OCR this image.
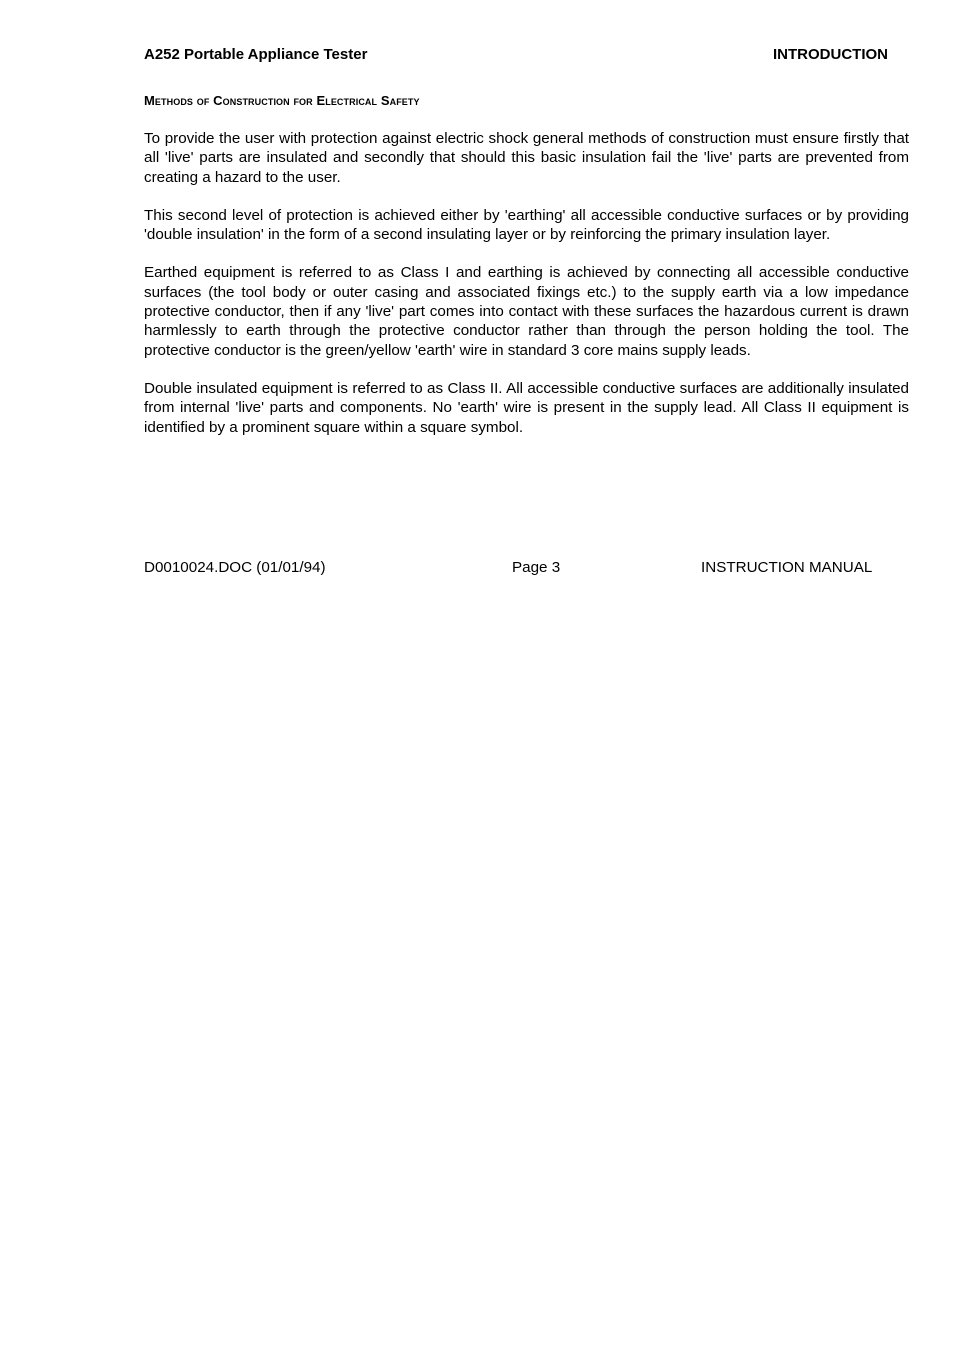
A252 Portable Appliance Tester	INTRODUCTION
Methods of Construction for Electrical Safety

To provide the user with protection against electric shock general methods of construction must ensure firstly that all 'live' parts are insulated and secondly that should this basic insulation fail the 'live' parts are prevented from creating a hazard to the user.

This second level of protection is achieved either by 'earthing' all accessible conductive surfaces or by providing 'double insulation' in the form of a second insulating layer or by reinforcing the primary insulation layer.

Earthed equipment is referred to as Class I and earthing is achieved by connecting all accessible conductive surfaces (the tool body or outer casing and associated fixings etc.) to the supply earth via a low impedance protective conductor, then if any 'live' part comes into contact with these surfaces the hazardous current is drawn harmlessly to earth through the protective conductor rather than through the person holding the tool. The protective conductor is the green/yellow 'earth' wire in standard 3 core mains supply leads.

Double insulated equipment is referred to as Class II. All accessible conductive surfaces are additionally insulated from internal 'live' parts and components. No 'earth' wire is present in the supply lead. All Class II equipment is identified by a prominent square within a square symbol.

D0010024.DOC (01/01/94)	Page 3	INSTRUCTION MANUAL
